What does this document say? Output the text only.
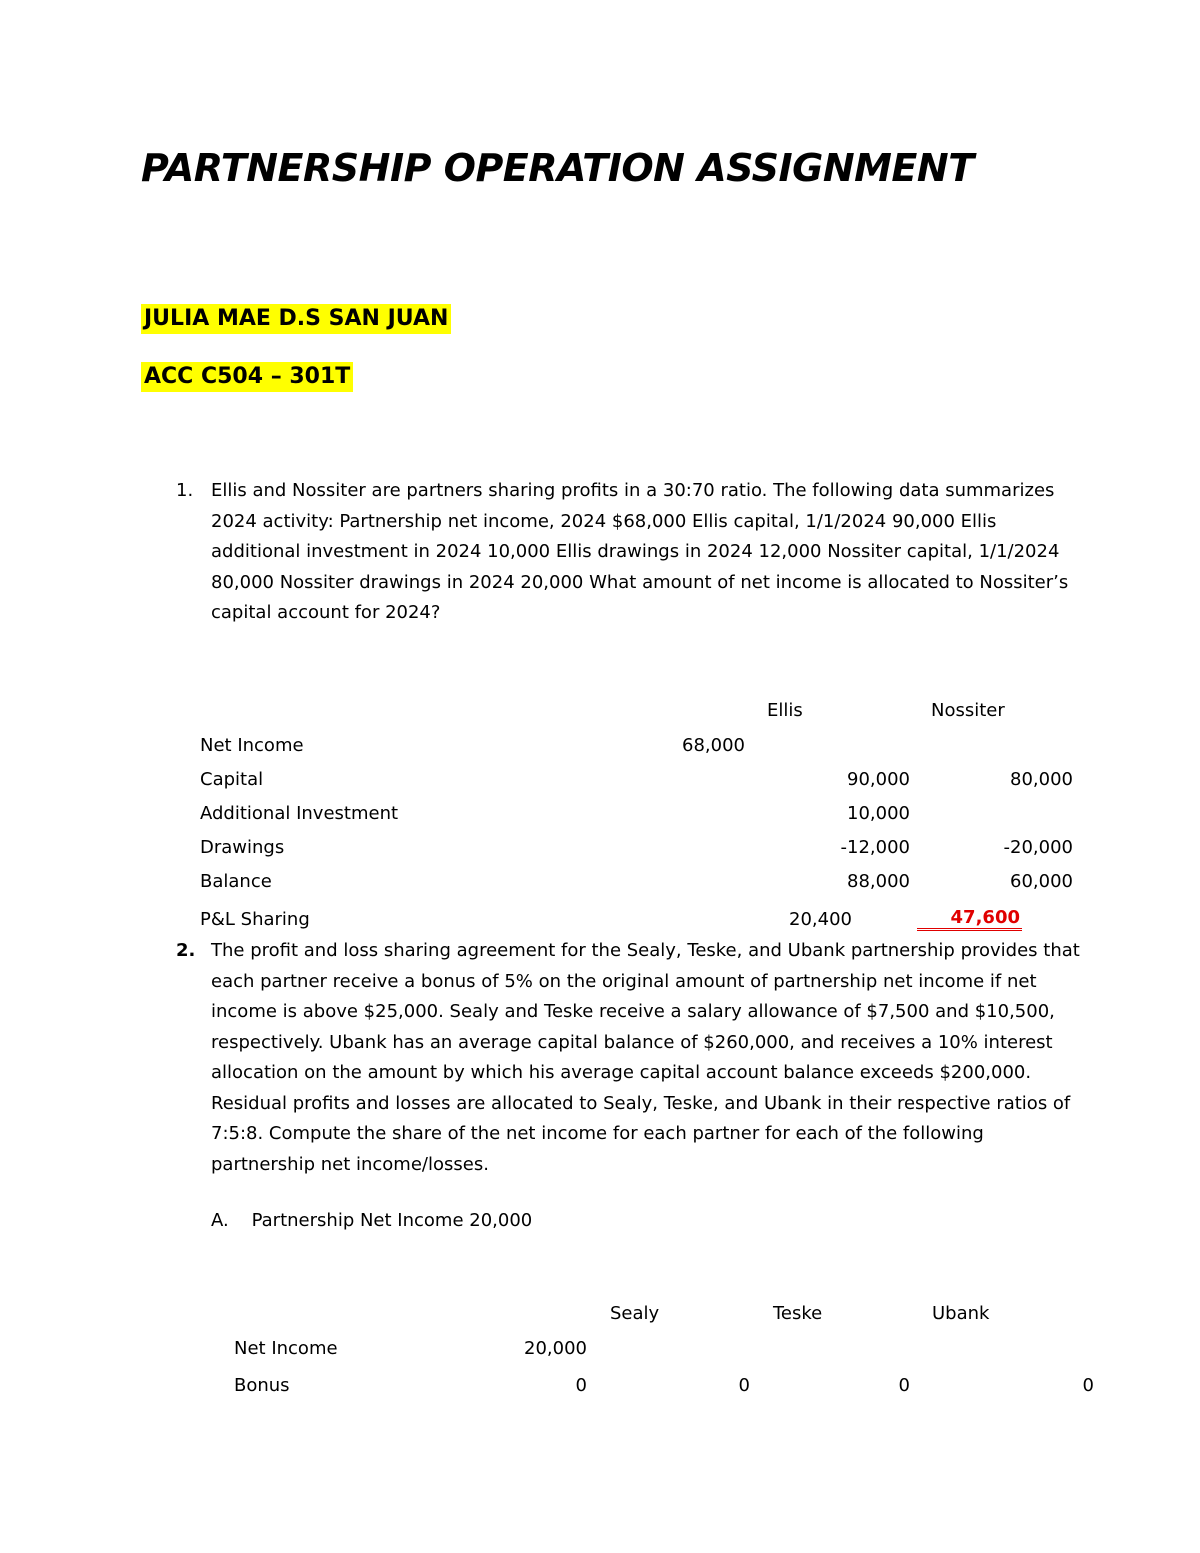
PARTNERSHIP OPERATION ASSIGNMENT
JULIA MAE D.S SAN JUAN
ACC C504 – 301T
1. Ellis and Nossiter are partners sharing profits in a 30:70 ratio. The following data summarizes 2024 activity: Partnership net income, 2024 $68,000 Ellis capital, 1/1/2024 90,000 Ellis additional investment in 2024 10,000 Ellis drawings in 2024 12,000 Nossiter capital, 1/1/2024 80,000 Nossiter drawings in 2024 20,000 What amount of net income is allocated to Nossiter’s capital account for 2024?
Ellis	Nossiter
Net Income	68,000
Capital	90,000	80,000
Additional Investment	10,000
Drawings	-12,000	-20,000
Balance	88,000	60,000
P&L Sharing	20,400	47,600
2. The profit and loss sharing agreement for the Sealy, Teske, and Ubank partnership provides that each partner receive a bonus of 5% on the original amount of partnership net income if net income is above $25,000. Sealy and Teske receive a salary allowance of $7,500 and $10,500, respectively. Ubank has an average capital balance of $260,000, and receives a 10% interest allocation on the amount by which his average capital account balance exceeds $200,000. Residual profits and losses are allocated to Sealy, Teske, and Ubank in their respective ratios of 7:5:8. Compute the share of the net income for each partner for each of the following partnership net income/losses.
A. Partnership Net Income 20,000
Sealy	Teske	Ubank
Net Income	20,000
Bonus	0	0	0	0
